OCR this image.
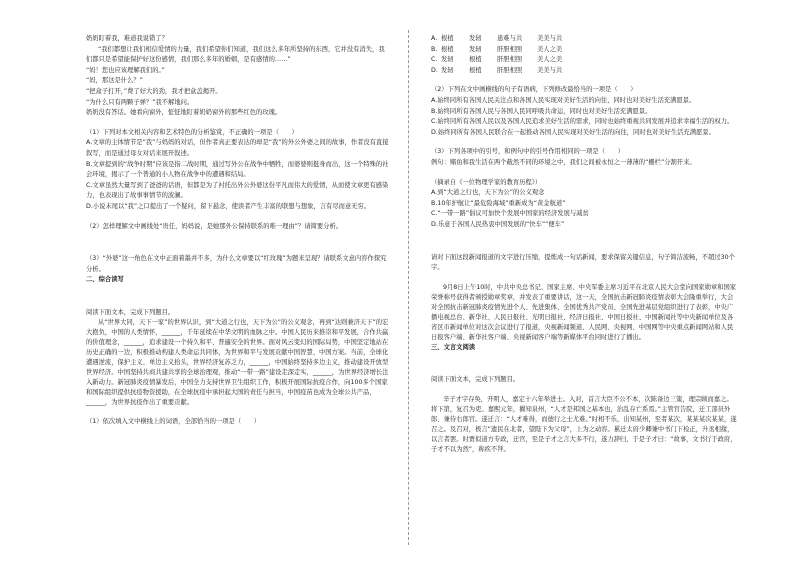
奶奶盯着我，难道我说错了？

“我们都想让我们相信爱情的力量，我们希望你们知道，我们这么多年所坚持的东西，它并没有消失，我们都只是希望能保护好这份感情，我们那么多年的婚姻，是有感情的……”

“妈！您也应该理解我们的。”

“妈，那这是什么？”

“把盒子打开，”费了好大的劲，我才把盒盖揭开。

“为什么只有两颗子弹？”我不解地问。

奶奶没有答话。她看向窗外，怔怔地盯着奶奶窗外的那些红色的玫瑰。

（1）下列对本文相关内容和艺术特色的分析鉴赏，不正确的一项是（　　）

A.文章的主体情节是“我”与妈妈的对话，但作者真正要表达的却是“我”的外公外婆之间的故事，作者没有直接叙写，而是通过母女对话来展开叙述。

B.文章提到的“战争时期”应该是指二战时期，通过写外公在战争中牺牲，而婆婆则挺身而出，这一个特殊的社会环境，揭示了一个普通的小人物在战争中的遭遇和结局。

C.文章虽然大量写到了爸爸的话语，但都是为了衬托出外公外婆这份平凡而伟大的爱情，从而使文章更有感染力，也表现出了故事事情节的波澜。

D.小说末尾以“我”之口提出了一个疑问，留下悬念，使读者产生丰富的联想与想象，言有尽而意无穷。

（2）怎样理解文中画线处“贵任，妈妈说，是她那外公保持联系的唯一理由”？请简要分析。

（3）“外婆”这一角色在文中正面着墨并不多，为什么文章要以“红玫瑰”为题来呈现？请联系文意内容作探究分析。

二、综合读写

阅读下面文本，完成下列题目。

从“世界大同，天下一家”的世界认识，到“大道之行也，天下为公”的公义观念，再到“达则兼济天下”的宏大抱负，中国的人类情怀，______，千年延续在中华文明的血脉之中。中国人民历来推崇和平发展，合作共赢的价值理念，______，追求建设一个持久和平、普遍安全的世界。面对风云变幻的国际局势，中国坚定地站在历史正确的一边，积极推动构建人类命运共同体，为世界和平与发展贡献中国智慧、中国方案。当前，全球化遭遇逆流，保护主义、单边主义抬头，世界经济复苏乏力，______，中国始终坚持多边主义，推动建设开放型世界经济。中国坚持共商共建共享的全球治理观，推动“一带一路”建设走深走实，______，为世界经济增长注入新动力。新冠肺炎疫情暴发后，中国全力支持世界卫生组织工作，积极开展国际抗疫合作，向100多个国家和国际组织提供抗疫物资援助，在全球抗疫中承担起大国的责任与担当，中国疫苗也成为全球公共产品，______，为世界抗疫作出了重要贡献。

（1）依次填入文中横线上的词语，全部恰当的一项是（　　）

A. 根植	发轫	患难与共	美美与共
B. 根植	发轫	肝胆相照	美人之美
C. 发轫	根植	肝胆相照	美人之美
D. 发轫	根植	肝胆相照	美美与共

（2）下列在文中画横线的句子有语病，下列修改最恰当的一项是（　　）

A.始终同所有各国人民关注点和各国人民实现对美好生活的向往，同时也对美好生活充满愿景。

B.始终同所有各国人民与各国人民同呼吸共命运，同时也对美好生活充满愿景。

C.始终同所有各国人民以及各国人民追求美好生活的需求，同时也始终重视共同发展并追求幸福生活的权力。

D.始终同所有各国人民联合在一起推动各国人民实现对美好生活的向往，同时也对美好生活充满愿景。

（3）下列各项中的引号，和例句中的引号作用相同的一项是（　　）

例句：赌鱼和我生活在两个截然不同的环境之中，我们之间被永恒之一薄薄的“栅栏”分割开来。

（摘录自《一位物理学家的教育历程》）

A.到“大道之行也，天下为公”的公义观念

B.10年护航让“最危险海域”重新成为“黄金航道”

C.“一带一路”倡议可加快个发展中国家的经济发展与减贫

D.乐意于各国人民热衷中国发展的“快车”“便车”

请对下面这段新闻报道的文字进行压缩，提炼成一句话新闻，要求保留关键信息，句子简洁流畅，不超过30个字。

9月8日上午10时，中共中央总书记、国家主席、中央军委主席习近平在北京人民大会堂向国家勋章和国家荣誉称号获得者颁授勋章奖章，并发表了重要讲话，这一天，全国抗击新冠肺炎疫情表彰大会隆重举行，大会对全国抗击新冠肺炎疫情先进个人、先进集体、全国优秀共产党员、全国先进基层党组织进行了表彰，中央广播电视总台、新华社、人民日报社、光明日报社、经济日报社、中国日报社、中国新闻社等中央新闻单位及各省区市新闻单位对这次会议进行了报道，央视新闻频道、人民网、央视网、中国网等中央重点新闻网站和人民日报客户端、新华社客户端、央视新闻客户端等新媒体平台同时进行了播出。

三、文言文阅读

阅读下面文本，完成下列题目。

辛子才字存奂，开明人，嘉定十六年举进士。入对，首言大臣不公不本，次陈备边三策，理宗顾而嘉之。将下第，复召为吏。嘉熙元年，擢知泉州，“人才是邦国之基本也，治乱存亡系焉。”主管官告院，迁工部员外郎、兼侍右郎官。遂迁言：“人才难得，而德行之士尤难。”时相不乐，出知某州，至者某次，某某某次某某，遂召之。及召对，极言“遗民在北者，望陛下为父母”，上为之动容。累迁太府少卿兼中书门下检正，升丞相掾，以言者罢。时贾似道方专政，迁官，至是子才之言大多不行，遂力辞归，于是子才曰：“故事，文书行于政府，子才不以为然”，称疾不拜。
